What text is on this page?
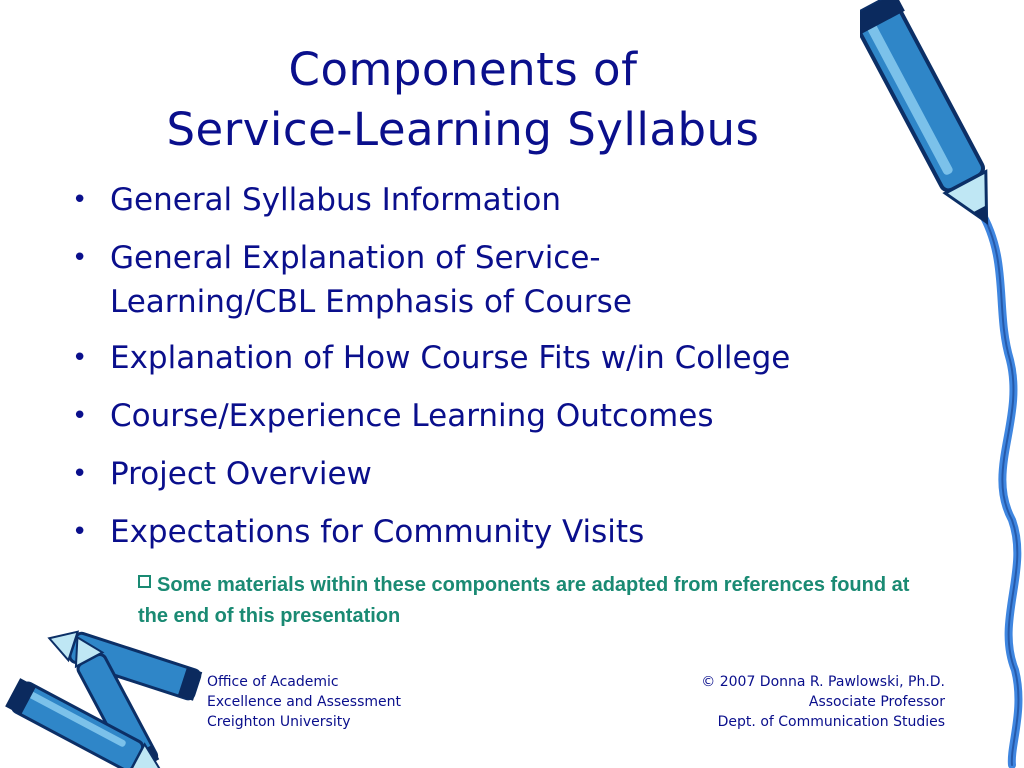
Components of
Service-Learning Syllabus
• General Syllabus Information
• General Explanation of Service-Learning/CBL Emphasis of Course
• Explanation of How Course Fits w/in College
• Course/Experience Learning Outcomes
• Project Overview
• Expectations for Community Visits
Some materials within these components are adapted from references found at the end of this presentation
Office of Academic
Excellence and Assessment
Creighton University
© 2007 Donna R. Pawlowski, Ph.D.
Associate Professor
Dept. of Communication Studies
